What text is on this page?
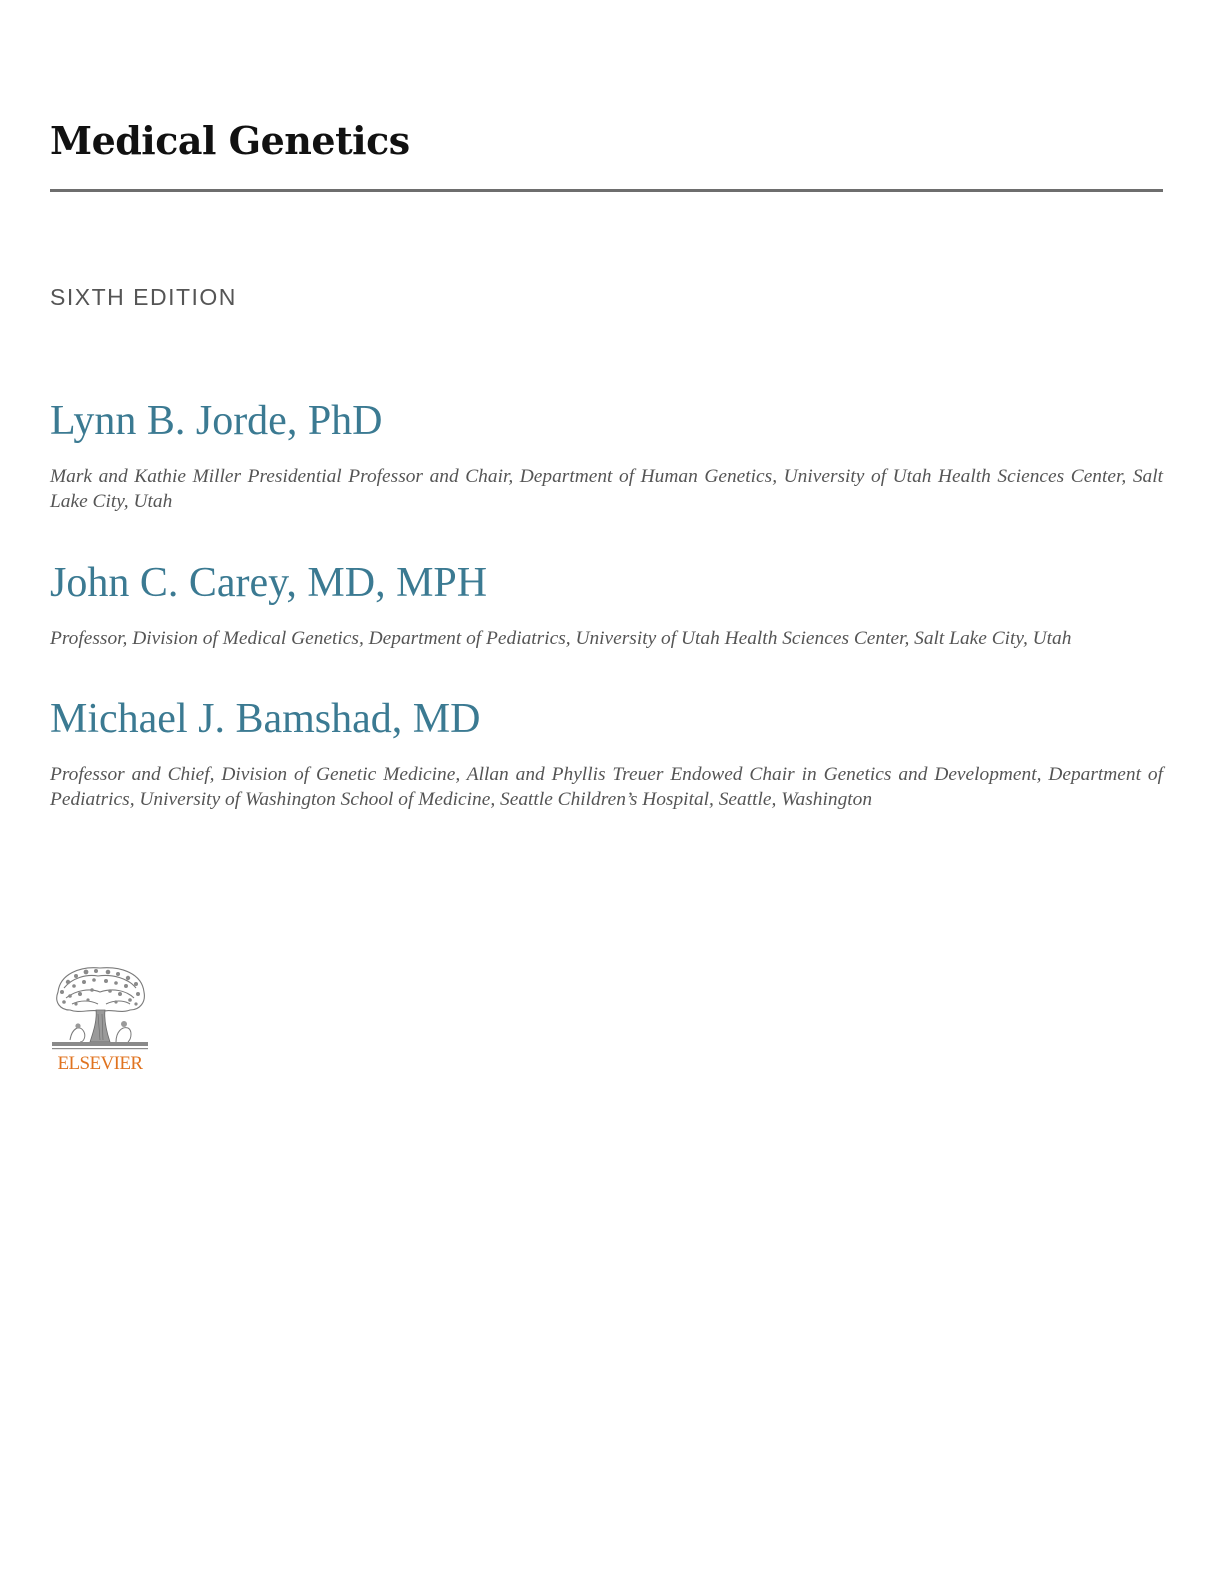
Medical Genetics

SIXTH EDITION

Lynn B. Jorde, PhD

Mark and Kathie Miller Presidential Professor and Chair, Department of Human Genetics, University of Utah Health Sciences Center, Salt Lake City, Utah

John C. Carey, MD, MPH

Professor, Division of Medical Genetics, Department of Pediatrics, University of Utah Health Sciences Center, Salt Lake City, Utah

Michael J. Bamshad, MD

Professor and Chief, Division of Genetic Medicine, Allan and Phyllis Treuer Endowed Chair in Genetics and Development, Department of Pediatrics, University of Washington School of Medicine, Seattle Children’s Hospital, Seattle, Washington

ELSEVIER
